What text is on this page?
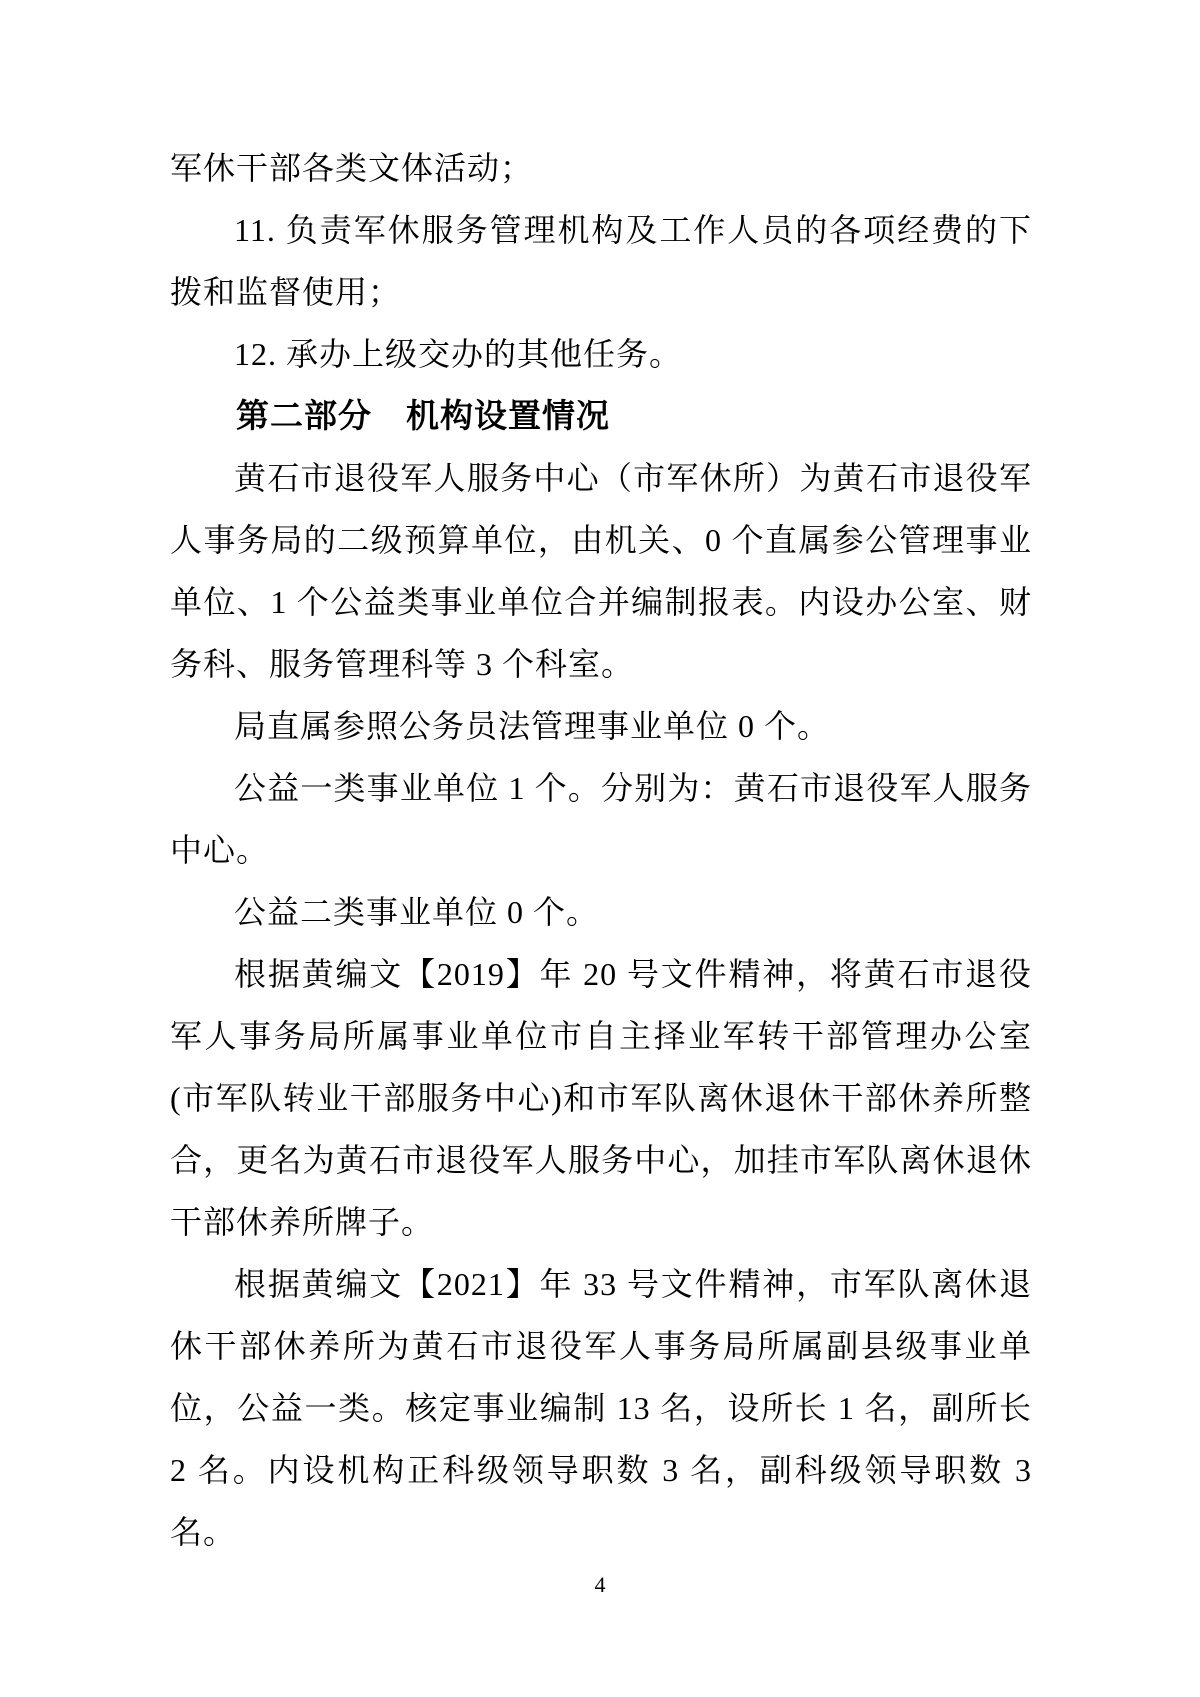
军休干部各类文体活动；

11. 负责军休服务管理机构及工作人员的各项经费的下拨和监督使用；

12. 承办上级交办的其他任务。

第二部分　机构设置情况

黄石市退役军人服务中心（市军休所）为黄石市退役军人事务局的二级预算单位，由机关、0 个直属参公管理事业单位、1 个公益类事业单位合并编制报表。内设办公室、财务科、服务管理科等 3 个科室。

局直属参照公务员法管理事业单位 0 个。

公益一类事业单位 1 个。分别为：黄石市退役军人服务中心。

公益二类事业单位 0 个。

根据黄编文【2019】年 20 号文件精神，将黄石市退役军人事务局所属事业单位市自主择业军转干部管理办公室(市军队转业干部服务中心)和市军队离休退休干部休养所整合，更名为黄石市退役军人服务中心，加挂市军队离休退休干部休养所牌子。

根据黄编文【2021】年 33 号文件精神，市军队离休退休干部休养所为黄石市退役军人事务局所属副县级事业单位，公益一类。核定事业编制 13 名，设所长 1 名，副所长 2 名。内设机构正科级领导职数 3 名，副科级领导职数 3 名。

4
